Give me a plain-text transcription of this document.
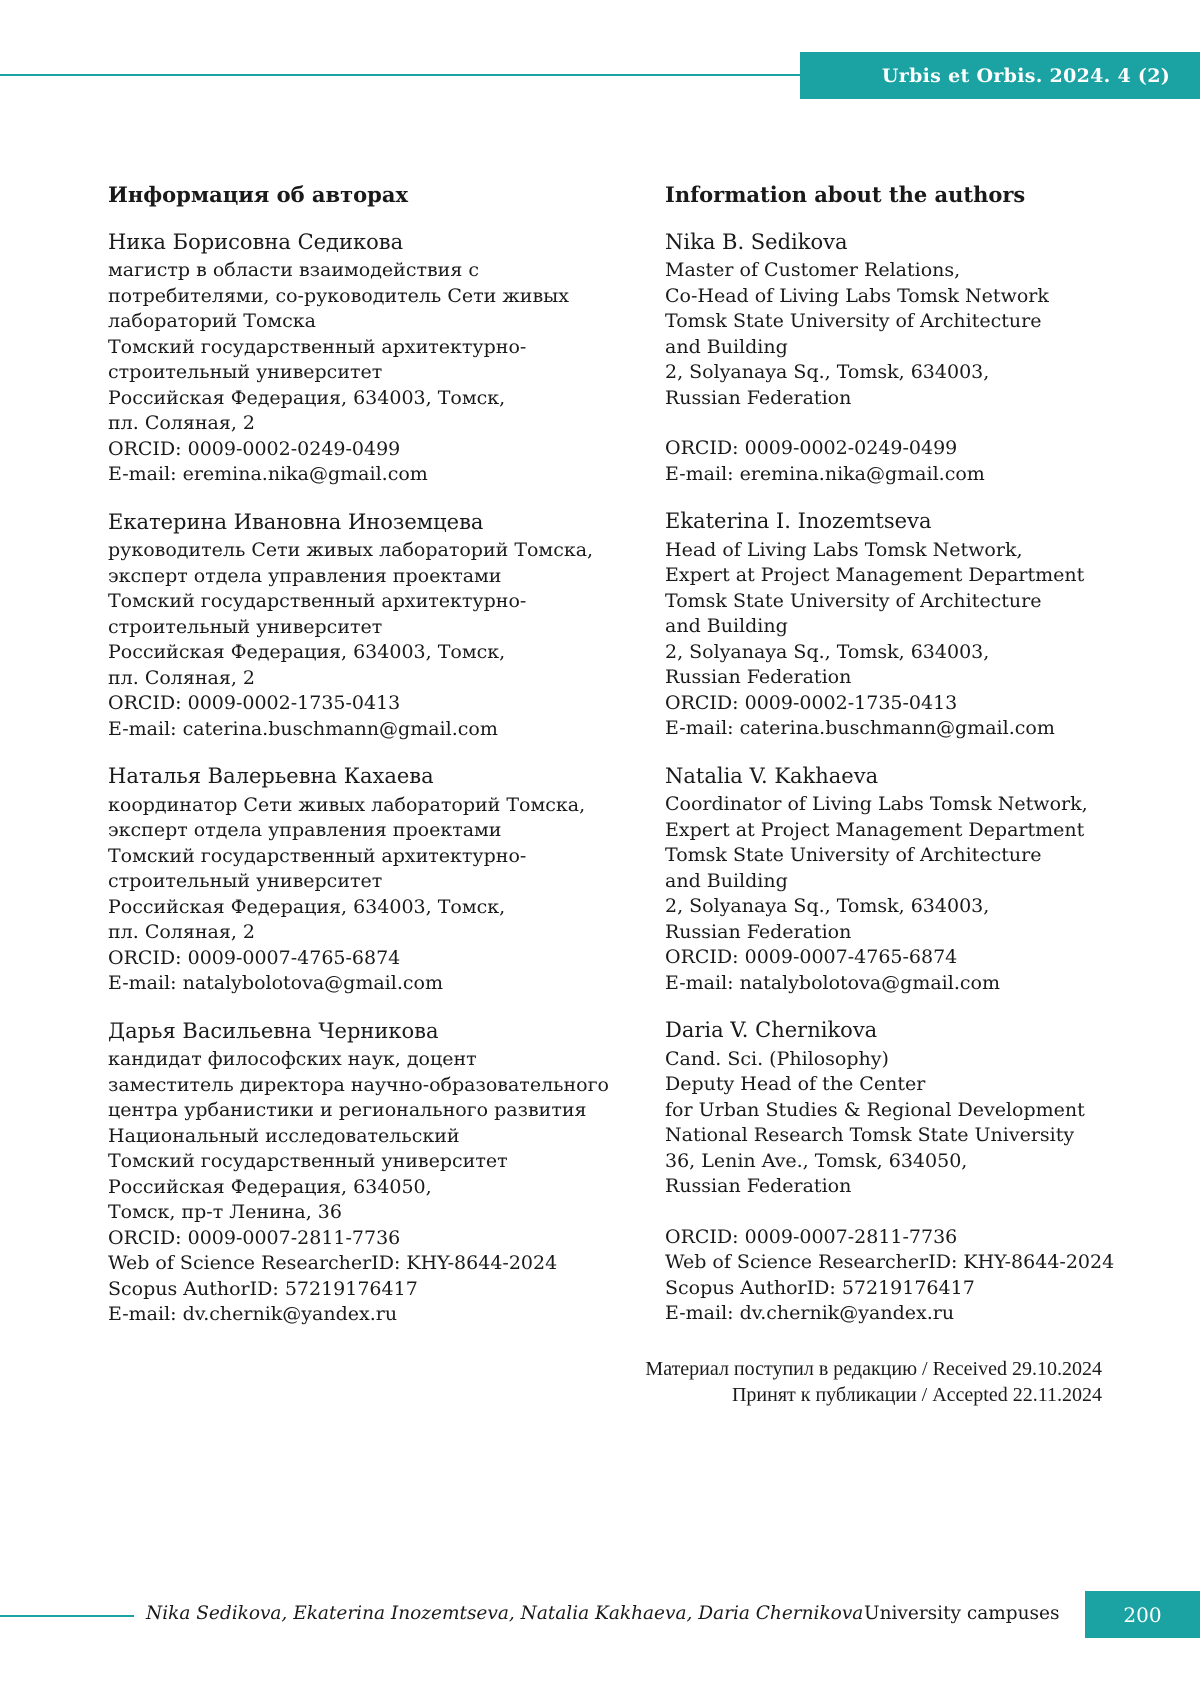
Urbis et Orbis. 2024. 4 (2)
Информация об авторах
Ника Борисовна Седикова
магистр в области взаимодействия с
потребителями, со-руководитель Сети живых
лабораторий Томска
Томский государственный архитектурно-
строительный университет
Российская Федерация, 634003, Томск,
пл. Соляная, 2
ORCID: 0009-0002-0249-0499
E-mail: eremina.nika@gmail.com
Екатерина Ивановна Иноземцева
руководитель Сети живых лабораторий Томска,
эксперт отдела управления проектами
Томский государственный архитектурно-
строительный университет
Российская Федерация, 634003, Томск,
пл. Соляная, 2
ORCID: 0009-0002-1735-0413
E-mail: caterina.buschmann@gmail.com
Наталья Валерьевна Кахаева
координатор Сети живых лабораторий Томска,
эксперт отдела управления проектами
Томский государственный архитектурно-
строительный университет
Российская Федерация, 634003, Томск,
пл. Соляная, 2
ORCID: 0009-0007-4765-6874
E-mail: natalybolotova@gmail.com
Дарья Васильевна Черникова
кандидат философских наук, доцент
заместитель директора научно-образовательного
центра урбанистики и регионального развития
Национальный исследовательский
Томский государственный университет
Российская Федерация, 634050,
Томск, пр-т Ленина, 36
ORCID: 0009-0007-2811-7736
Web of Science ResearcherID: KHY-8644-2024
Scopus AuthorID: 57219176417
E-mail: dv.chernik@yandex.ru
Information about the authors
Nika B. Sedikova
Master of Customer Relations,
Co-Head of Living Labs Tomsk Network
Tomsk State University of Architecture
and Building
2, Solyanaya Sq., Tomsk, 634003,
Russian Federation
ORCID: 0009-0002-0249-0499
E-mail: eremina.nika@gmail.com
Ekaterina I. Inozemtseva
Head of Living Labs Tomsk Network,
Expert at Project Management Department
Tomsk State University of Architecture
and Building
2, Solyanaya Sq., Tomsk, 634003,
Russian Federation
ORCID: 0009-0002-1735-0413
E-mail: caterina.buschmann@gmail.com
Natalia V. Kakhaeva
Coordinator of Living Labs Tomsk Network,
Expert at Project Management Department
Tomsk State University of Architecture
and Building
2, Solyanaya Sq., Tomsk, 634003,
Russian Federation
ORCID: 0009-0007-4765-6874
E-mail: natalybolotova@gmail.com
Daria V. Chernikova
Cand. Sci. (Philosophy)
Deputy Head of the Center
for Urban Studies & Regional Development
National Research Tomsk State University
36, Lenin Ave., Tomsk, 634050,
Russian Federation
ORCID: 0009-0007-2811-7736
Web of Science ResearcherID: KHY-8644-2024
Scopus AuthorID: 57219176417
E-mail: dv.chernik@yandex.ru
Материал поступил в редакцию / Received 29.10.2024
Принят к публикации / Accepted 22.11.2024
Nika Sedikova, Ekaterina Inozemtseva, Natalia Kakhaeva, Daria Chernikova University campuses	200
